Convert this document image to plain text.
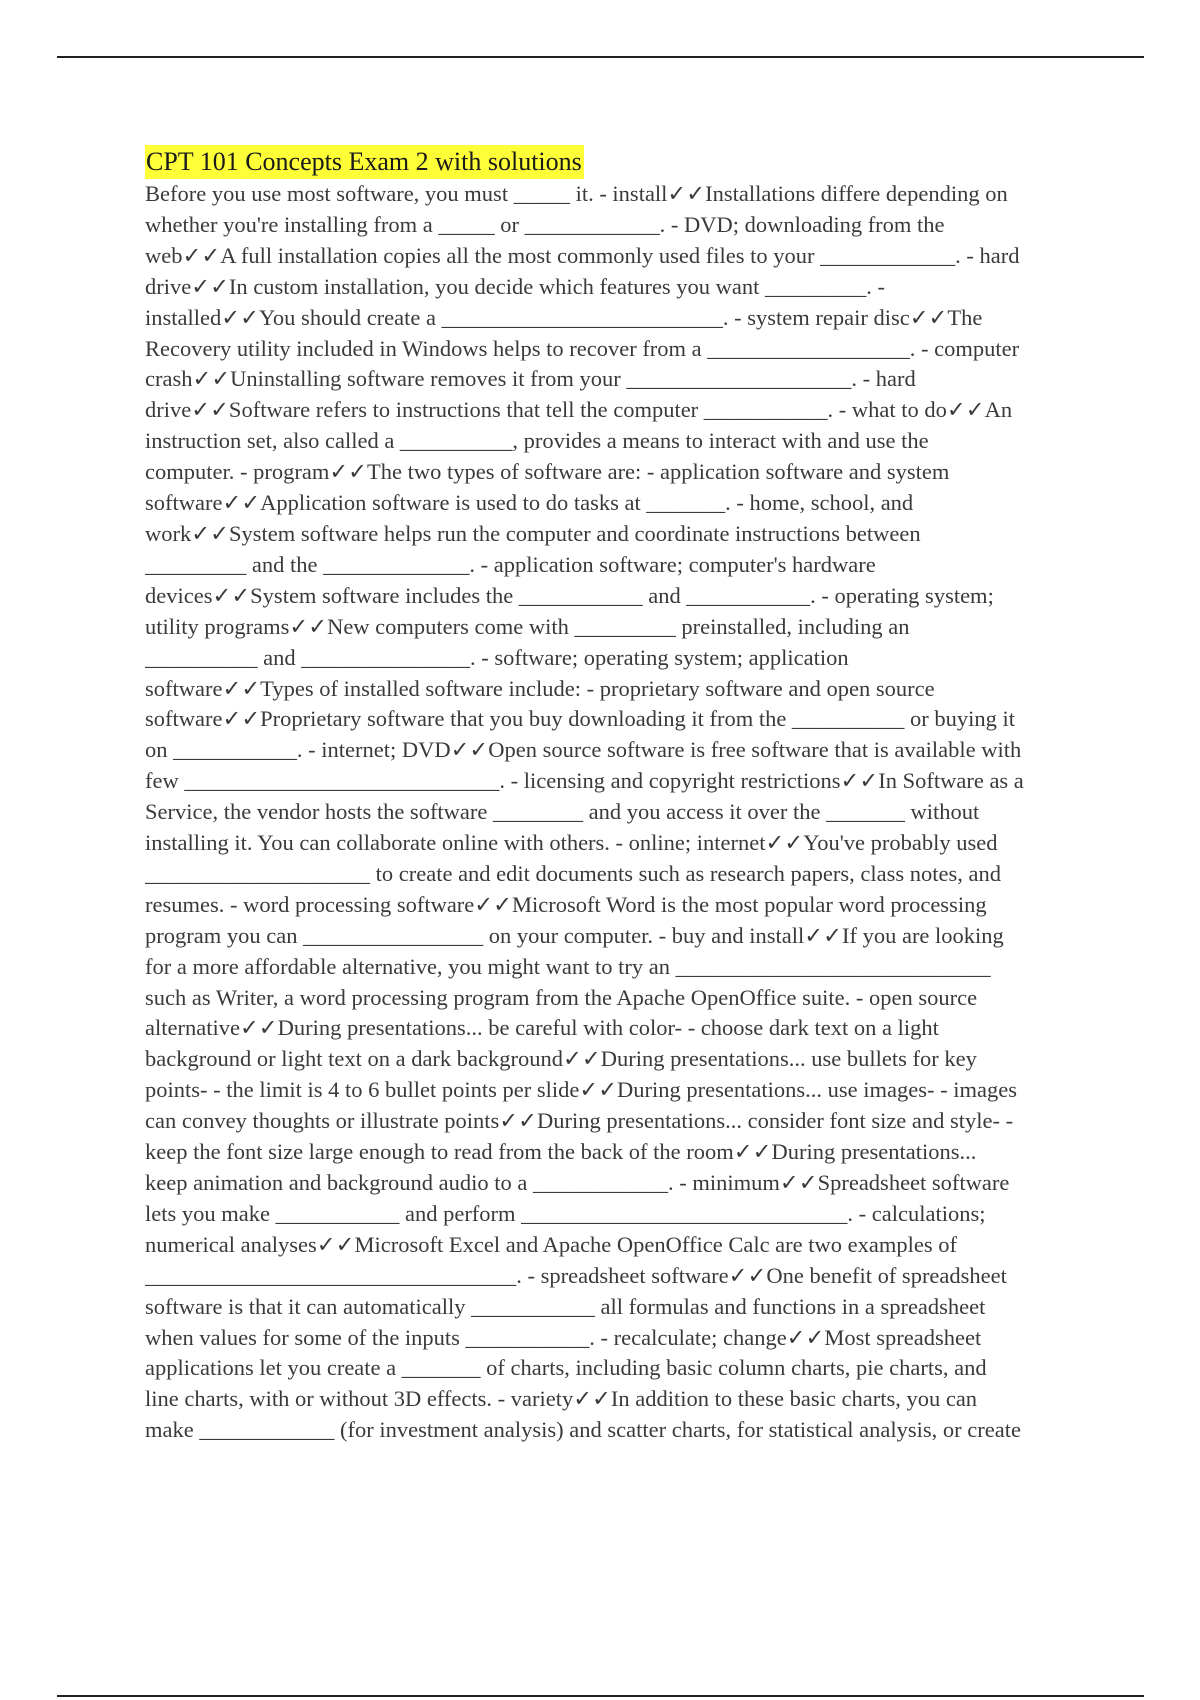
CPT 101 Concepts Exam 2 with solutions
Before you use most software, you must _____ it. - install✓✓Installations differe depending on
whether you're installing from a _____ or ____________. - DVD; downloading from the
web✓✓A full installation copies all the most commonly used files to your ____________. - hard
drive✓✓In custom installation, you decide which features you want _________. -
installed✓✓You should create a _________________________. - system repair disc✓✓The
Recovery utility included in Windows helps to recover from a __________________. - computer
crash✓✓Uninstalling software removes it from your ____________________. - hard
drive✓✓Software refers to instructions that tell the computer ___________. - what to do✓✓An
instruction set, also called a __________, provides a means to interact with and use the
computer. - program✓✓The two types of software are: - application software and system
software✓✓Application software is used to do tasks at _______. - home, school, and
work✓✓System software helps run the computer and coordinate instructions between
_________ and the _____________. - application software; computer's hardware
devices✓✓System software includes the ___________ and ___________. - operating system;
utility programs✓✓New computers come with _________ preinstalled, including an
__________ and _______________. - software; operating system; application
software✓✓Types of installed software include: - proprietary software and open source
software✓✓Proprietary software that you buy downloading it from the __________ or buying it
on ___________. - internet; DVD✓✓Open source software is free software that is available with
few ____________________________. - licensing and copyright restrictions✓✓In Software as a
Service, the vendor hosts the software ________ and you access it over the _______ without
installing it. You can collaborate online with others. - online; internet✓✓You've probably used
____________________ to create and edit documents such as research papers, class notes, and
resumes. - word processing software✓✓Microsoft Word is the most popular word processing
program you can ________________ on your computer. - buy and install✓✓If you are looking
for a more affordable alternative, you might want to try an ____________________________
such as Writer, a word processing program from the Apache OpenOffice suite. - open source
alternative✓✓During presentations... be careful with color- - choose dark text on a light
background or light text on a dark background✓✓During presentations... use bullets for key
points- - the limit is 4 to 6 bullet points per slide✓✓During presentations... use images- - images
can convey thoughts or illustrate points✓✓During presentations... consider font size and style- -
keep the font size large enough to read from the back of the room✓✓During presentations...
keep animation and background audio to a ____________. - minimum✓✓Spreadsheet software
lets you make ___________ and perform _____________________________. - calculations;
numerical analyses✓✓Microsoft Excel and Apache OpenOffice Calc are two examples of
_________________________________. - spreadsheet software✓✓One benefit of spreadsheet
software is that it can automatically ___________ all formulas and functions in a spreadsheet
when values for some of the inputs ___________. - recalculate; change✓✓Most spreadsheet
applications let you create a _______ of charts, including basic column charts, pie charts, and
line charts, with or without 3D effects. - variety✓✓In addition to these basic charts, you can
make ____________ (for investment analysis) and scatter charts, for statistical analysis, or create
